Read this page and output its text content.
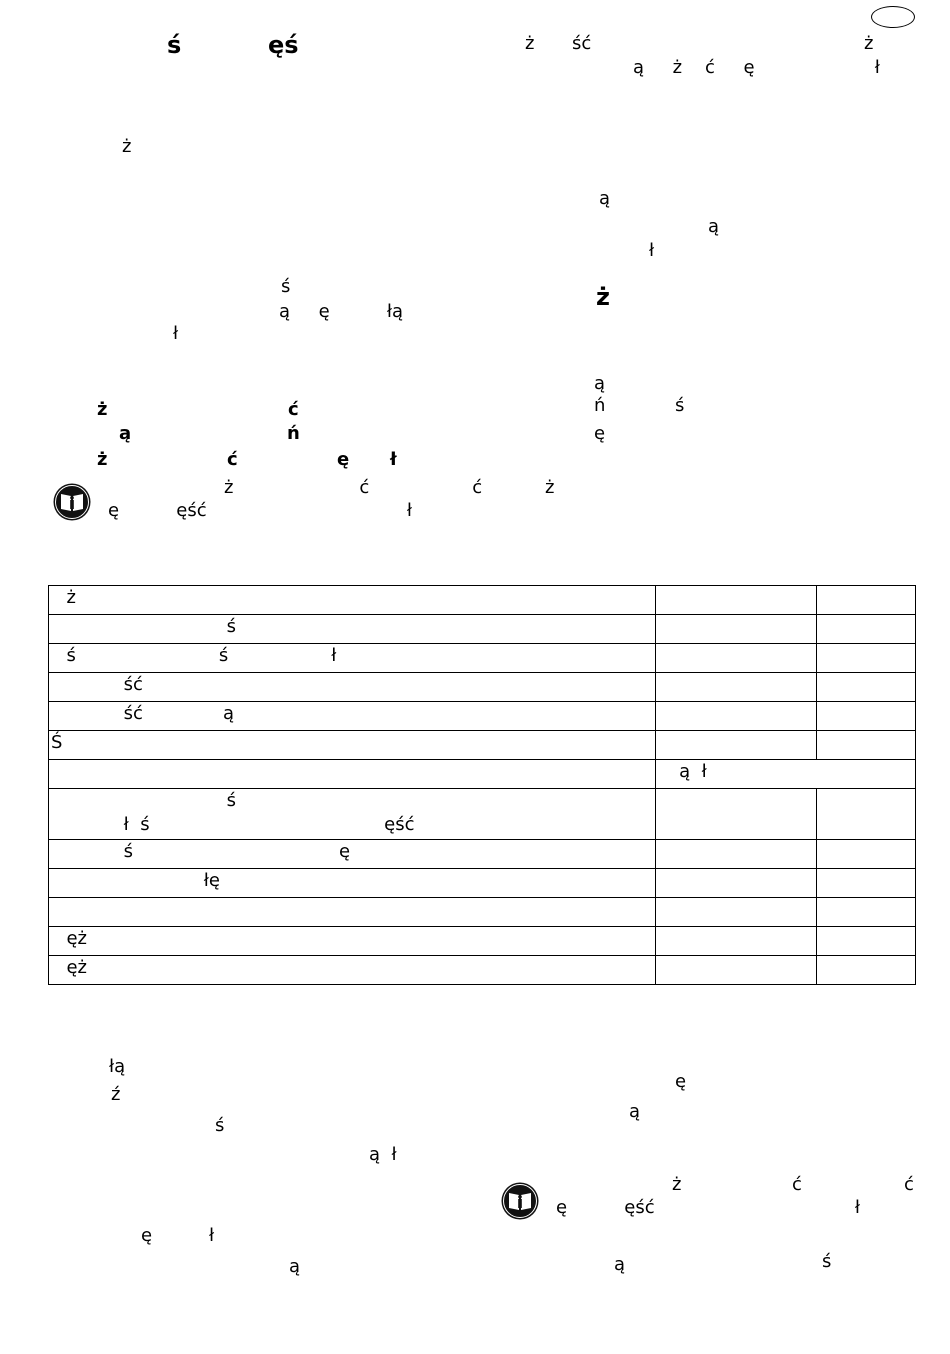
ś	ęś	ż ść	ż
ą     ż    ć     ę                     ł
ż
ś
ą     ę          łą
ł
ą
ą
ł
ż
ą
ń	ś
ę
ż	ć
ą	ń
ż	ć	ę ł
ż                      ć                  ć           ż
ę          ęść                                   ł
ż		
ś		
ś                         ś                  ł		
ść		
ść              ą		
Ś		
	ą  ł	
ś
ł  ś                                         ęść		
ś                                    ę		
łę		

ęż		
ęż		
łą
ź
ś
ą  ł
ę	ł
ą
ę
ą
ż	ć	ć
ę          ęść                                   ł
ą	ś
